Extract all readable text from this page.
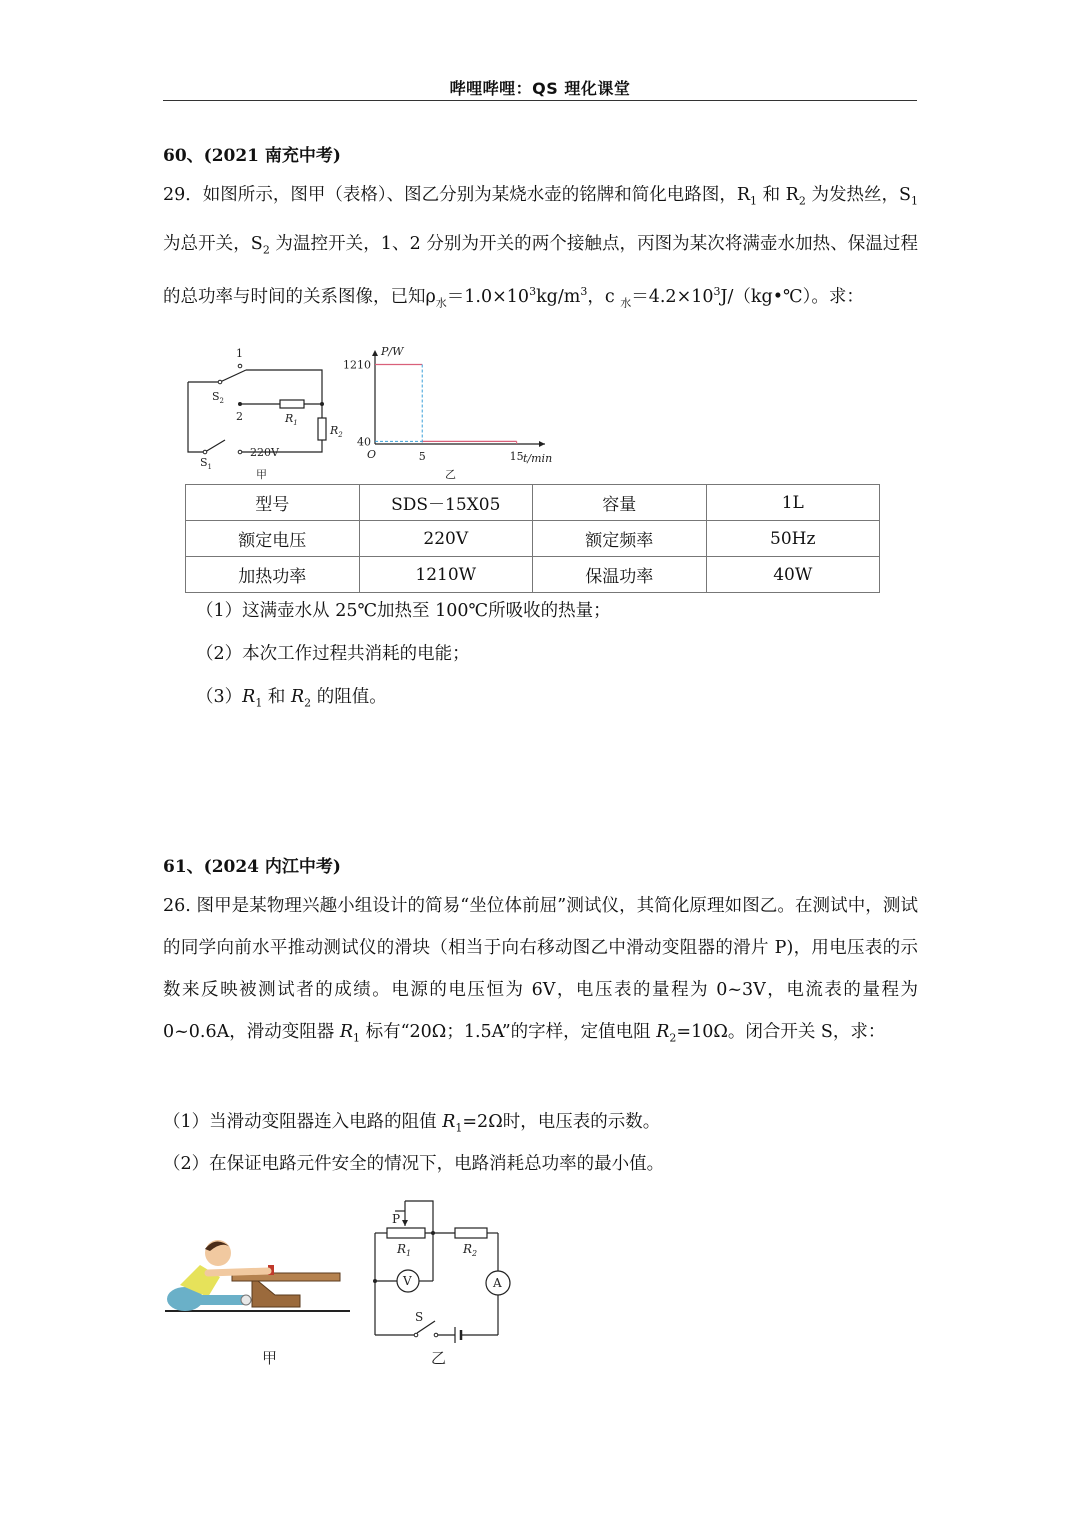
哔哩哔哩：QS 理化课堂
60、(2021 南充中考)
29．如图所示，图甲（表格）、图乙分别为某烧水壶的铭牌和简化电路图，$R_1$ 和 $R_2$ 为发热丝，$S_1$ 为总开关，$S_2$ 为温控开关，1、2 分别为开关的两个接触点，丙图为某次将满壶水加热、保温过程的总功率与时间的关系图像，已知$\rho_水=1.0\times 10^3kg/m^3$，c $_水=4.2\times 10^3J/(kg•℃)$。求：
1
2
$S_2$
$R_1$
$R_2$
220V
$S_1$
甲
40
1210
5	15
P/W
t/min
O
乙
型号	SDS－15X05	容量	1L
额定电压	220V	额定频率	50Hz
加热功率	1210W	保温功率	40W
（1）这满壶水从 25℃加热至 100℃所吸收的热量；
（2）本次工作过程共消耗的电能；
$(3)R_1$ 和 $R_2$ 的阻值。
61、(2024 内江中考)
26. 图甲是某物理兴趣小组设计的简易“坐位体前屈”测试仪，其简化原理如图乙。在测试中，测试的同学向前水平推动测试仪的滑块（相当于向右移动图乙中滑动变阻器的滑片 P)，用电压表的示数来反映被测试者的成绩。电源的电压恒为 6V，电压表的量程为 0~3V，电流表的量程为 0~0.6A，滑动变阻器 $R_1$ 标有“20Ω；1.5A”的字样，定值电阻 $R_2=10\Omega$。闭合开关 S，求：
（1）当滑动变阻器连入电路的阻值 $R_1=2\Omega$时，电压表的示数。
（2）在保证电路元件安全的情况下，电路消耗总功率的最小值。
甲
P
$R_1$	$R_2$
V	A
S
乙
